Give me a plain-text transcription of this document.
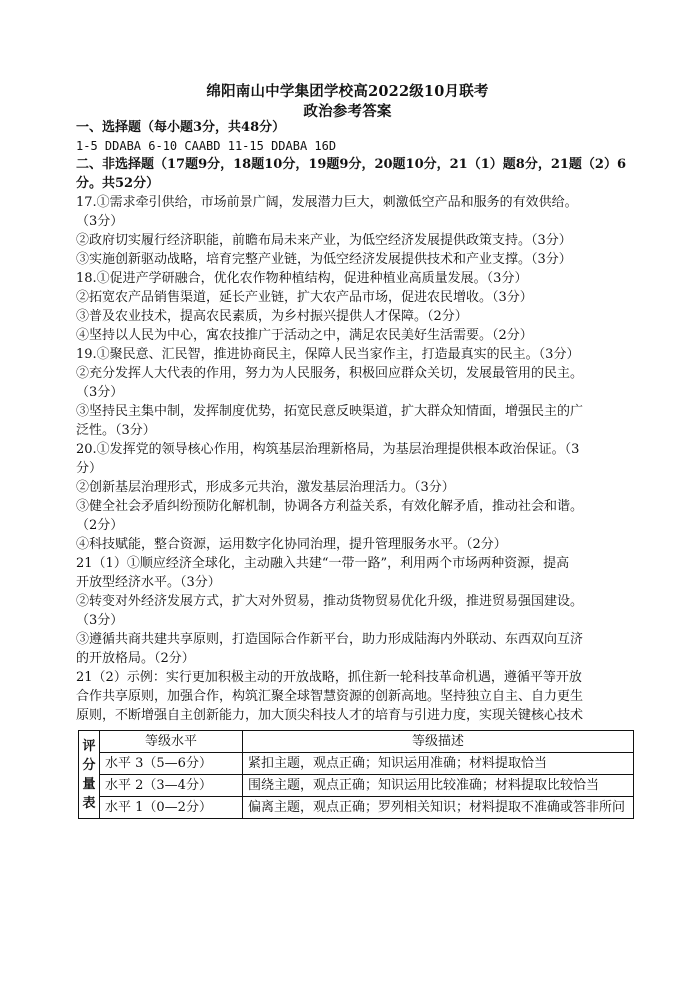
绵阳南山中学集团学校高2022级10月联考
政治参考答案
一、选择题（每小题3分，共48分）
1-5 DDABA 6-10 CAABD 11-15 DDABA 16D
二、非选择题（17题9分，18题10分，19题9分，20题10分，21（1）题8分，21题（2）6
分。共52分）
17.①需求牵引供给，市场前景广阔，发展潜力巨大，刺激低空产品和服务的有效供给。
（3分）
②政府切实履行经济职能，前瞻布局未来产业，为低空经济发展提供政策支持。（3分）
③实施创新驱动战略，培育完整产业链，为低空经济发展提供技术和产业支撑。（3分）
18.①促进产学研融合，优化农作物种植结构，促进种植业高质量发展。（3分）
②拓宽农产品销售渠道，延长产业链，扩大农产品市场，促进农民增收。（3分）
③普及农业技术，提高农民素质，为乡村振兴提供人才保障。（2分）
④坚持以人民为中心，寓农技推广于活动之中，满足农民美好生活需要。（2分）
19.①聚民意、汇民智，推进协商民主，保障人民当家作主，打造最真实的民主。（3分）
②充分发挥人大代表的作用，努力为人民服务，积极回应群众关切，发展最管用的民主。
（3分）
③坚持民主集中制，发挥制度优势，拓宽民意反映渠道，扩大群众知情面，增强民主的广
泛性。（3分）
20.①发挥党的领导核心作用，构筑基层治理新格局，为基层治理提供根本政治保证。（3
分）
②创新基层治理形式，形成多元共治，激发基层治理活力。（3分）
③健全社会矛盾纠纷预防化解机制，协调各方利益关系，有效化解矛盾，推动社会和谐。
（2分）
④科技赋能，整合资源，运用数字化协同治理，提升管理服务水平。（2分）
21（1）①顺应经济全球化，主动融入共建“一带一路”，利用两个市场两种资源，提高
开放型经济水平。（3分）
②转变对外经济发展方式，扩大对外贸易，推动货物贸易优化升级，推进贸易强国建设。
（3分）
③遵循共商共建共享原则，打造国际合作新平台，助力形成陆海内外联动、东西双向互济
的开放格局。（2分）
21（2）示例：实行更加积极主动的开放战略，抓住新一轮科技革命机遇，遵循平等开放
合作共享原则，加强合作，构筑汇聚全球智慧资源的创新高地。坚持独立自主、自力更生
原则，不断增强自主创新能力，加大顶尖科技人才的培育与引进力度，实现关键核心技术
评
分
量
表	等级水平	等级描述
	水平 3（5—6分）	紧扣主题，观点正确；知识运用准确；材料提取恰当
	水平 2（3—4分）	围绕主题，观点正确；知识运用比较准确；材料提取比较恰当
	水平 1（0—2分）	偏离主题，观点正确；罗列相关知识；材料提取不准确或答非所问
